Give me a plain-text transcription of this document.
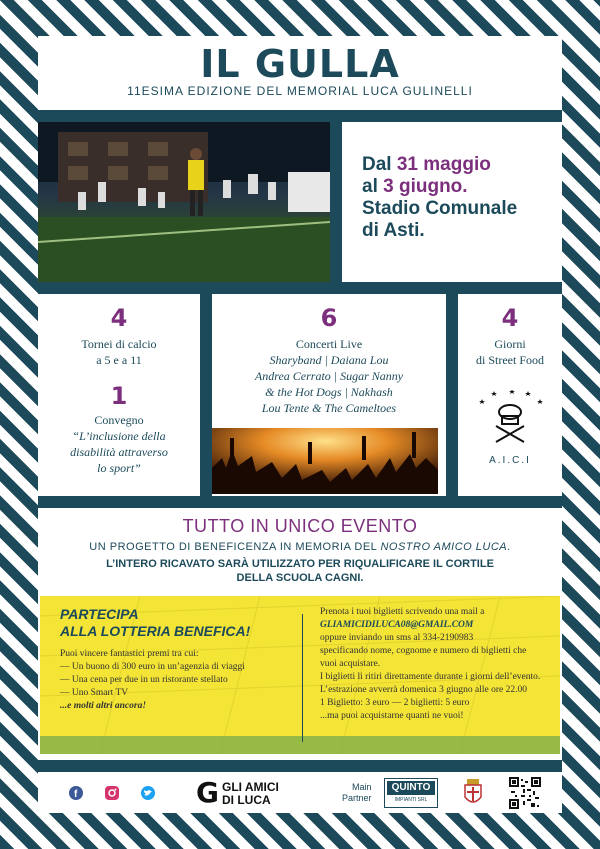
IL GULLA
11ESIMA EDIZIONE DEL MEMORIAL LUCA GULINELLI

Dal 31 maggio
al 3 giugno.
Stadio Comunale
di Asti.

4
Tornei di calcio
a 5 e a 11
1
Convegno
“L’inclusione della
disabilità attraverso
lo sport”
6
Concerti Live
Sharyband | Daiana Lou
Andrea Cerrato | Sugar Nanny
& the Hot Dogs | Nakhash
Lou Tente & The Cameltoes
4
Giorni
di Street Food
A.I.C.I
TUTTO IN UNICO EVENTO
UN PROGETTO DI BENEFICENZA IN MEMORIA DEL NOSTRO AMICO LUCA.
L’INTERO RICAVATO SARÀ UTILIZZATO PER RIQUALIFICARE IL CORTILE
DELLA SCUOLA CAGNI.
PARTECIPA
ALLA LOTTERIA BENEFICA!
Puoi vincere fantastici premi tra cui:
— Un buono di 300 euro in un’agenzia di viaggi
— Una cena per due in un ristorante stellato
— Uno Smart TV
...e molti altri ancora!
Prenota i tuoi biglietti scrivendo una mail a
GLIAMICIDILUCA08@GMAIL.COM
oppure inviando un sms al 334-2190983
specificando nome, cognome e numero di biglietti che
vuoi acquistare.
I biglietti li ritiri direttamente durante i giorni dell’evento.
L’estrazione avverrà domenica 3 giugno alle ore 22.00
1 Biglietto: 3 euro — 2 biglietti: 5 euro
...ma puoi acquistarne quanti ne vuoi!
f	G GLI AMICI
DI LUCA
Main
Partner
QUINTO
IMPIANTI SRL
